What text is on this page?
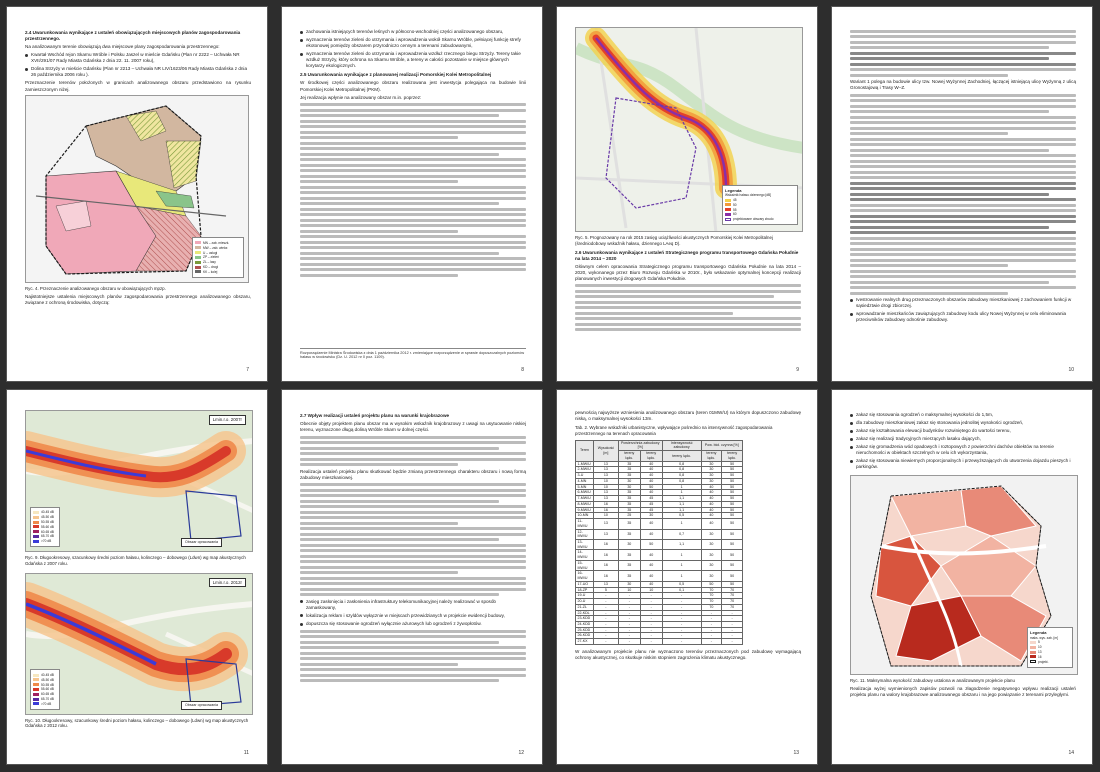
2.4 Uwarunkowania wynikające z ustaleń obowiązujących miejscowych planów zagospodarowania przestrzennego.
Na analizowanym terenie obowiązują dwa miejscowe plany zagospodarowania przestrzennego:
Kwartał Wschód rejon Skarnu Wróble i Polsku Jaszel w mieście Gdańsku (Plan nr 2222 – Uchwała NR XVII/291/07 Rady Miasta Gdańska z dnia 22. 11. 2007 roku),
Dolina Strzyży w mieście Gdańsku (Plan nr 2213 – Uchwała NR LIV/1623/06 Rady Miasta Gdańska z dnia 26 października 2006 roku ).
Przeznaczenie terenów położonych w granicach analizowanego obszaru przedstawiono na rysunku zamieszczonym niżej.
MN – zab. mieszk.
MW – zab. wielor.
U – usługi
ZP – zieleń
ZL – lasy
KD – drogi
KK – kolej
Ryc. 4. Przeznaczenie analizowanego obszaru w obowiązujących mpzp.
Najistotniejsze ustalenia miejscowych planów zagospodarowania przestrzennego analizowanego obszaru, związane z ochroną środowiska, dotyczą:
7
zachowania istniejących terenów leśnych w północno-wschodniej części analizowanego obszaru,
wyznaczenia terenów zieleni do utrzymania i wprowadzenia wokół Skarnu Wróble, pełniącej funkcję strefy ekotonowej pomiędzy obszarem przyrodniczo cennym a terenami zabudowanymi,
wyznaczenia terenów zieleni do utrzymania i wprowadzenia wzdłuż rzecznego biegu Strzyży. Tereny takie wzdłuż Strzyży, który ochrona na Skarnu Wróble, a tereny w całości pozostanie w miejsce głównych korytarzy ekologicznych.
2.5 Uwarunkowania wynikające z planowanej realizacji Pomorskiej Kolei Metropolitalnej
W środkowej części analizowanego obszaru realizowana jest inwestycja polegająca na budowie linii Pomorskiej Kolei Metropolitalnej (PKM).
Jej realizacja wpłynie na analizowany obszar m.in. poprzez:
Rozporządzenie Ministra Środowiska z dnia 1 października 2012 r. zmieniające rozporządzenie w sprawie dopuszczalnych poziomów hałasu w środowisku (Dz. U. 2012 nr 0 poz. 1109).
8
Legenda
Wskaźnik hałasu dziennego [dB]
45
50
55
60
projektowane obszary zbudo
Ryc. 5. Prognozowany na rok 2015 zasięg uciążliwości akustycznych Pomorskiej Kolei Metropolitalnej (średniodobowy wskaźnik hałasu, dziennego LAeq D).
2.6 Uwarunkowania wynikające z ustaleń Strategicznego programu transportowego Gdańska Południe na lata 2014 – 2020
Głównym celem opracowania Strategicznego programu transportowego Gdańska Południe na lata 2014 – 2020, wykonanego przez Biuro Rozwoju Gdańska w 2010r., było wskazanie optymalnej koncepcji realizacji planowanych inwestycji drogowych Gdańska Południe.
9
Wariant 1 polega na budowie ulicy tzw. Nowej Wyżynnej Zachodniej, łączącej istniejącą ulicę Wyżynną z ulicą Gronostajową i Trasy W–Z.
Ivestrowanie realnych drug przeznaczonych obszarów zabudowy mieszkaniowej z zachowaniem funkcji w sąsiedztwie drogi zbiorczej.
wprowadzanie mieszkańców zawiązujących zabudowy kodu ulicy Nowej Wyżynnej w celu eliminowania przeciwników zabudowy odnośnie zabudowy.
10
Lmin.r.o. 2007r
Obszar opracowania
40-45 dB
45-50 dB
50-55 dB
55-60 dB
60-65 dB
65-70 dB
>70 dB
Ryc. 9. Długookresowy, szacunkowy średni poziom hałasu, kolinczego – dobowego (Ldwn) wg map akustycznych Gdańska z 2007 roku.
Lmin.r.o. 2012r
Obszar opracowania
40-45 dB
45-50 dB
50-55 dB
55-60 dB
60-65 dB
65-70 dB
>70 dB
Ryc. 10. Długookresowy, szacunkowy średni poziom hałasu, kolinczego – dobowego (Ldwn) wg map akustycznych Gdańska z 2012 roku.
11
2.7 Wpływ realizacji ustaleń projektu planu na warunki krajobrazowe
Obecnie objęty projektem planu obszar ma w wysokim wskaźnik krajobrazowy z uwagi na usytuowanie niskiej terenu, wyznaczone długą doliną Wróble Skarn w dolnej części.
Realizacja ustaleń projektu planu skutkować będzie zmianą przestrzennego charakteru obszaru i nową formą zabudowy mieszkaniowej.
zasięg zasłonięcia i zasłonienia infrastruktury telekomunikacyjnej należy realizować w sposób zamaskowany,
lokalizacja reklam i szyldów wyłącznie w miejscach przewidzianych w projekcie ewidencji budowy,
dopuszcza się stosowanie ogrodzeń wyłącznie ażurowych lub ogrodzeń z żywopłotów.
12
pewnością najwyższe wzniesienia analizowanego obszaru (teren 01MW/U) na którym dopuszczono zabudowę niską, o maksymalnej wysokości 13m.
Tab. 2. Wybrane wskaźniki urbanistyczne, wpływające pośrednio na intensywność zagospodarowania przestrzennego na terenach opracowania
Teren	Wysokość [m]	Powierzchnia zabudowy [%]		Intensywność zabudowy	Pow. biol. czynna [%]	
		tereny lądu.	tereny lądu.	tereny lądu.	tereny lądu.	tereny lądu.
1-MW/U	13	35	40	0,8	30	50
2-MW/U	13	35	40	0,8	30	50
3-U	13	35	40	0,8	30	50
4-MN	10	30	40	0,8	30	50
5-MN	10	30	50	1	40	50
6-MW/U	13	35	40	1	40	50
7-MW/U	13	35	45	1,1	40	50
8-MW/U	16	35	45	1,1	40	50
9-MW/U	16	35	45	1,1	40	50
10-MN	10	25	30	0,5	40	50
11-MW/U	13	35	40	1	40	50
12-MW/U	13	35	40	0,7	30	50
13-MW/U	16	30	50	1,1	30	50
14-MW/U	16	35	40	1	30	50
15-MW/U	16	35	40	1	30	50
16-MW/U	16	35	40	1	30	50
17-UO	13	30	40	0,5	50	50
18-ZP	5	10	10	0,1	70	70
19-U	-	-	-	-	70	70
20-U	-	-	-	-	70	70
21-ZL	-	-	-	-	70	70
22-KDL	-	-	-	-	-	-
23-KDD	-	-	-	-	-	-
24-KDD	-	-	-	-	-	-
25-KDD	-	-	-	-	-	-
26-KDD	-	-	-	-	-	-
27-KX	-	-	-	-	-	-
W analizowanym projekcie planu nie wyznaczono terenów przeznaczonych pod zabudowę wymagającą ochrony akustycznej, co skutkuje niskim stopniem zagrożenia klimatu akustycznego.
13
zakaz się stosowania ogrodzeń o maksymalnej wysokości do 1,5m,
dla zabudowy mieszkaniowej zakaz się stosowania jednolitej wysokości ogrodzeń,
zakaz się kształtowania elewacji budynków rozwiniętego do wartości terenu,
zakaz się realizacji tradycyjnych mierzących lasaku dających,
zakaz się gromadzenia wód opadowych i roztopowych z powierzchni dachów obiektów na terenie nieruchomości w obiektach szczelnych w celu ich wykorzystania,
zakaz się stosowania niewiernych proporcjonalnych i przewyższających do utworzenia dojazdu pieszych i parkingów.
Legenda
maks. wys. zab. [m]
5
10
13
16
projekt.
Ryc. 11. Maksymalna wysokość zabudowy ustalona w analizowanym projekcie planu
Realizacja wyżej wymienionych zapisów pozwoli na złagodzenie negatywnego wpływu realizacji ustaleń projektu planu na walory krajobrazowe analizowanego obszaru i na jego powiązanie z terenami przyległymi.
14
